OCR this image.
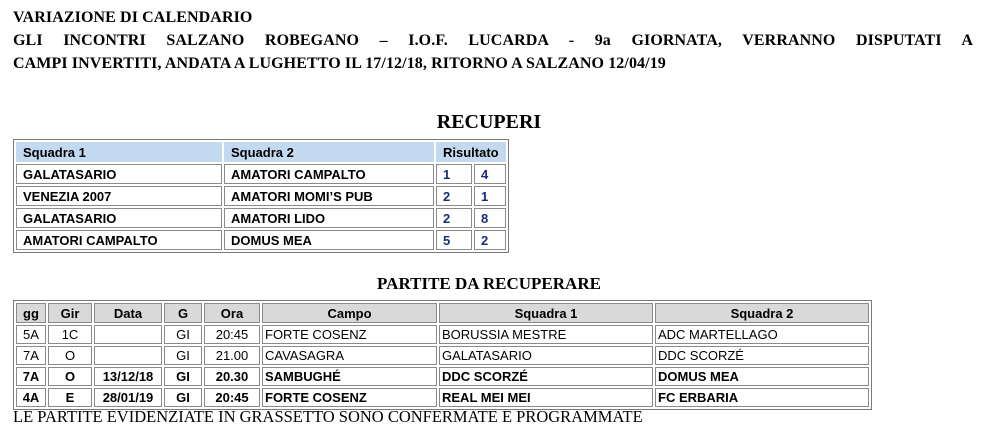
VARIAZIONE DI CALENDARIO
GLI INCONTRI SALZANO ROBEGANO – I.O.F. LUCARDA - 9a GIORNATA, VERRANNO DISPUTATI A
CAMPI INVERTITI, ANDATA A LUGHETTO IL 17/12/18, RITORNO A SALZANO 12/04/19
RECUPERI
Squadra 1	Squadra 2	Risultato	
GALATASARIO	AMATORI CAMPALTO	1	4
VENEZIA 2007	AMATORI MOMI’S PUB	2	1
GALATASARIO	AMATORI LIDO	2	8
AMATORI CAMPALTO	DOMUS MEA	5	2
PARTITE DA RECUPERARE
gg	Gir	Data	G	Ora	Campo	Squadra 1	Squadra 2
5A	1C		GI	20:45	FORTE COSENZ	BORUSSIA MESTRE	ADC MARTELLAGO
7A	O		GI	21.00	CAVASAGRA	GALATASARIO	DDC SCORZÉ
7A	O	13/12/18	GI	20.30	SAMBUGHÉ	DDC SCORZÉ	DOMUS MEA
4A	E	28/01/19	GI	20:45	FORTE COSENZ	REAL MEI MEI	FC ERBARIA
LE PARTITE EVIDENZIATE IN GRASSETTO SONO CONFERMATE E PROGRAMMATE
